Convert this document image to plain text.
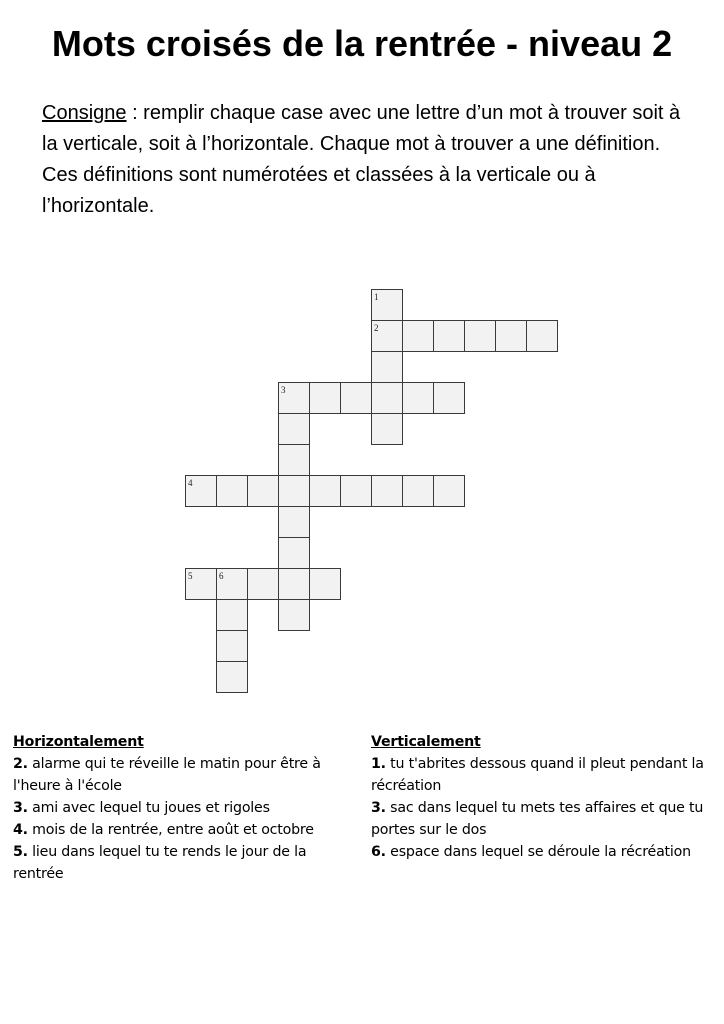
Mots croisés de la rentrée - niveau 2

Consigne : remplir chaque case avec une lettre d’un mot à trouver soit à la verticale, soit à l’horizontale. Chaque mot à trouver a une définition. Ces définitions sont numérotées et classées à la verticale ou à l’horizontale.

1
2
3
4
5	6
Horizontalement

2. alarme qui te réveille le matin pour être à l'heure à l'école

3. ami avec lequel tu joues et rigoles

4. mois de la rentrée, entre août et octobre

5. lieu dans lequel tu te rends le jour de la rentrée

Verticalement

1. tu t'abrites dessous quand il pleut pendant la récréation

3. sac dans lequel tu mets tes affaires et que tu portes sur le dos

6. espace dans lequel se déroule la récréation
